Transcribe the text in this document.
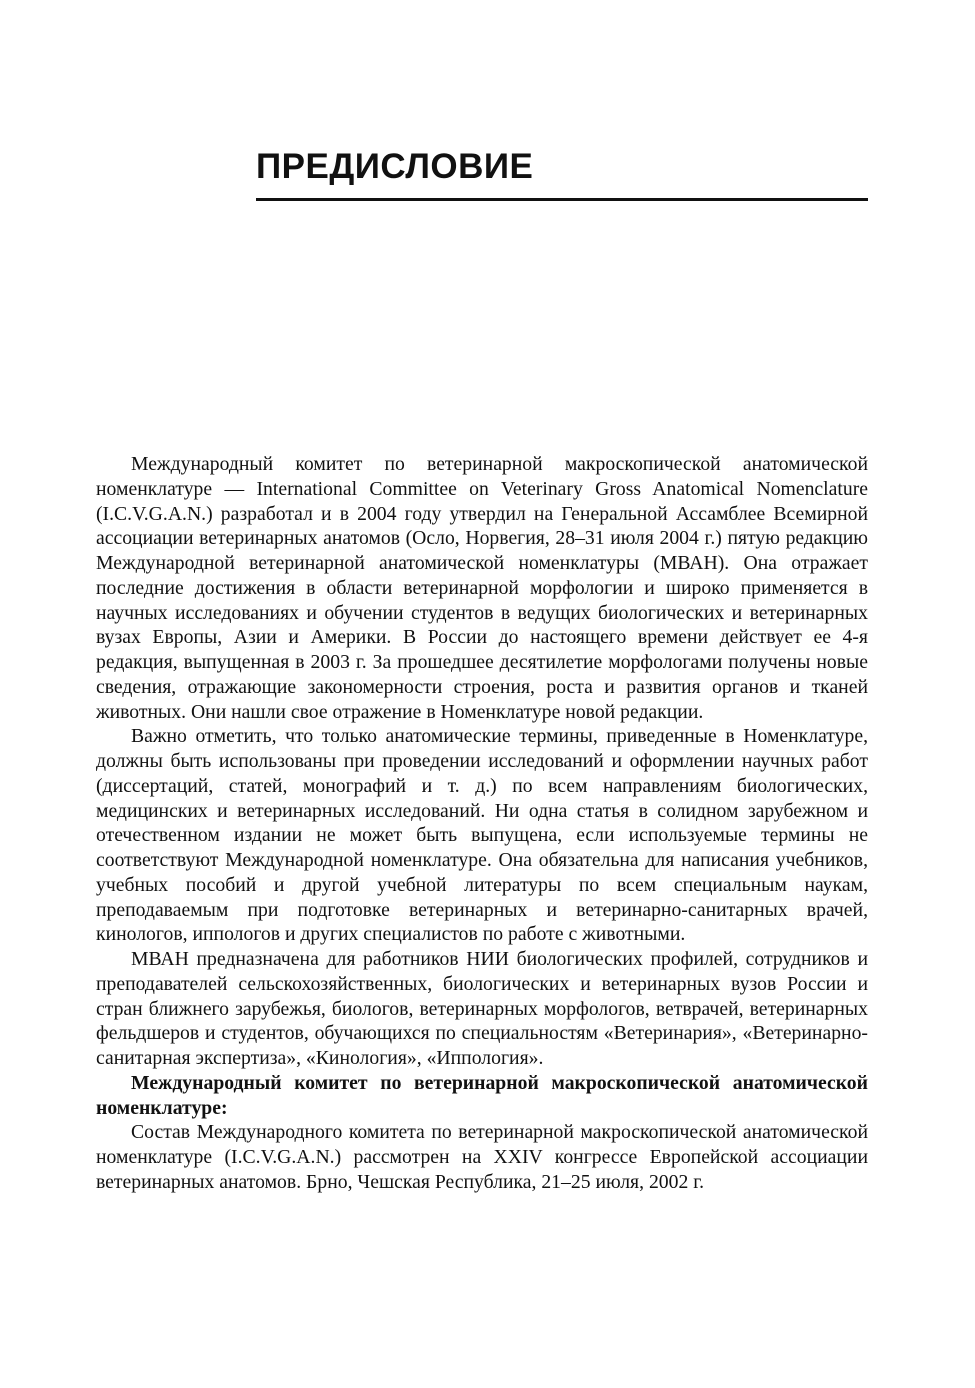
ПРЕДИСЛОВИЕ

Международный комитет по ветеринарной макроскопической анатомической номенклатуре — International Committee on Veterinary Gross Anatomical Nomenclature (I.C.V.G.A.N.) разработал и в 2004 году утвердил на Генеральной Ассамблее Всемирной ассоциации ветеринарных анатомов (Осло, Норвегия, 28–31 июля 2004 г.) пятую редакцию Международной ветеринарной анатомической номенклатуры (МВАН). Она отражает последние достижения в области ветеринарной морфологии и широко применяется в научных исследованиях и обучении студентов в ведущих биологических и ветеринарных вузах Европы, Азии и Америки. В России до настоящего времени действует ее 4-я редакция, выпущенная в 2003 г. За прошедшее десятилетие морфологами получены новые сведения, отражающие закономерности строения, роста и развития органов и тканей животных. Они нашли свое отражение в Номенклатуре новой редакции.

Важно отметить, что только анатомические термины, приведенные в Номенклатуре, должны быть использованы при проведении исследований и оформлении научных работ (диссертаций, статей, монографий и т. д.) по всем направлениям биологических, медицинских и ветеринарных исследований. Ни одна статья в солидном зарубежном и отечественном издании не может быть выпущена, если используемые термины не соответствуют Международной номенклатуре. Она обязательна для написания учебников, учебных пособий и другой учебной литературы по всем специальным наукам, преподаваемым при подготовке ветеринарных и ветеринарно-санитарных врачей, кинологов, иппологов и других специалистов по работе с животными.

МВАН предназначена для работников НИИ биологических профилей, сотрудников и преподавателей сельскохозяйственных, биологических и ветеринарных вузов России и стран ближнего зарубежья, биологов, ветеринарных морфологов, ветврачей, ветеринарных фельдшеров и студентов, обучающихся по специальностям «Ветеринария», «Ветеринарно-санитарная экспертиза», «Кинология», «Иппология».

Международный комитет по ветеринарной макроскопической анатомической номенклатуре:

Состав Международного комитета по ветеринарной макроскопической анатомической номенклатуре (I.C.V.G.A.N.) рассмотрен на XXIV конгрессе Европейской ассоциации ветеринарных анатомов. Брно, Чешская Республика, 21–25 июля, 2002 г.
